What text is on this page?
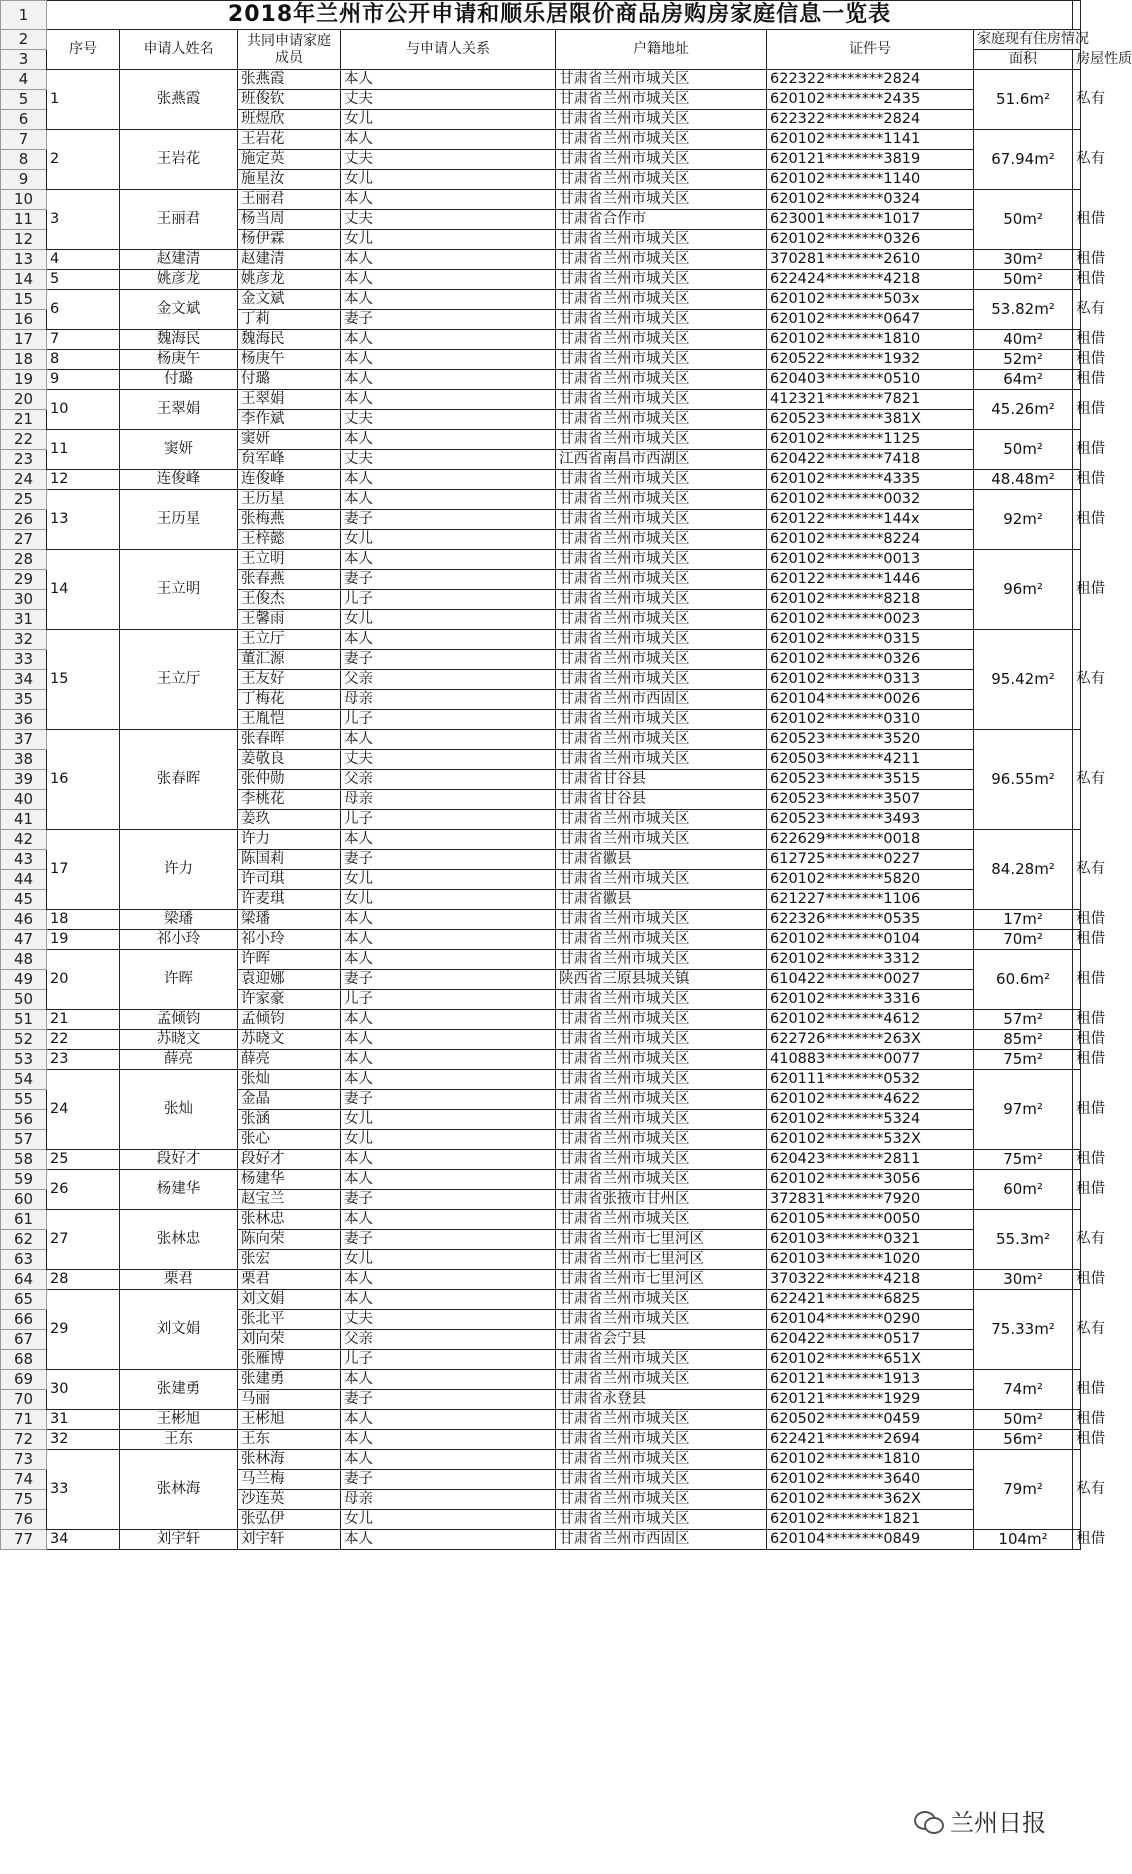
1	2018年兰州市公开申请和顺乐居限价商品房购房家庭信息一览表								
2	序号	申请人姓名	共同申请家庭成员	与申请人关系	户籍地址	证件号	家庭现有住房情况		
3							面积	房屋性质	
4	1	张燕霞	张燕霞	本人	甘肃省兰州市城关区	622322********2824	51.6m²	私有	
5			班俊钦	丈夫	甘肃省兰州市城关区	620102********2435			
6			班煜欣	女儿	甘肃省兰州市城关区	622322********2824			
7	2	王岩花	王岩花	本人	甘肃省兰州市城关区	620102********1141	67.94m²	私有	
8			施定英	丈夫	甘肃省兰州市城关区	620121********3819			
9			施星汝	女儿	甘肃省兰州市城关区	620102********1140			
10	3	王丽君	王丽君	本人	甘肃省兰州市城关区	620102********0324	50m²	租借	
11			杨当周	丈夫	甘肃省合作市	623001********1017			
12			杨伊霖	女儿	甘肃省兰州市城关区	620102********0326			
13	4	赵建清	赵建清	本人	甘肃省兰州市城关区	370281********2610	30m²	租借	
14	5	姚彦龙	姚彦龙	本人	甘肃省兰州市城关区	622424********4218	50m²	租借	
15	6	金文斌	金文斌	本人	甘肃省兰州市城关区	620102********503x	53.82m²	私有	
16			丁莉	妻子	甘肃省兰州市城关区	620102********0647			
17	7	魏海民	魏海民	本人	甘肃省兰州市城关区	620102********1810	40m²	租借	
18	8	杨庚午	杨庚午	本人	甘肃省兰州市城关区	620522********1932	52m²	租借	
19	9	付璐	付璐	本人	甘肃省兰州市城关区	620403********0510	64m²	租借	
20	10	王翠娟	王翠娟	本人	甘肃省兰州市城关区	412321********7821	45.26m²	租借	
21			李作斌	丈夫	甘肃省兰州市城关区	620523********381X			
22	11	窦妍	窦妍	本人	甘肃省兰州市城关区	620102********1125	50m²	租借	
23			贠军峰	丈夫	江西省南昌市西湖区	620422********7418			
24	12	连俊峰	连俊峰	本人	甘肃省兰州市城关区	620102********4335	48.48m²	租借	
25	13	王历星	王历星	本人	甘肃省兰州市城关区	620102********0032	92m²	租借	
26			张梅燕	妻子	甘肃省兰州市城关区	620122********144x			
27			王梓懿	女儿	甘肃省兰州市城关区	620102********8224			
28	14	王立明	王立明	本人	甘肃省兰州市城关区	620102********0013	96m²	租借	
29			张春燕	妻子	甘肃省兰州市城关区	620122********1446			
30			王俊杰	儿子	甘肃省兰州市城关区	620102********8218			
31			王馨雨	女儿	甘肃省兰州市城关区	620102********0023			
32	15	王立厅	王立厅	本人	甘肃省兰州市城关区	620102********0315	95.42m²	私有	
33			董汇源	妻子	甘肃省兰州市城关区	620102********0326			
34			王友好	父亲	甘肃省兰州市城关区	620102********0313			
35			丁梅花	母亲	甘肃省兰州市西固区	620104********0026			
36			王胤恺	儿子	甘肃省兰州市城关区	620102********0310			
37	16	张春晖	张春晖	本人	甘肃省兰州市城关区	620523********3520	96.55m²	私有	
38			姜敬良	丈夫	甘肃省兰州市城关区	620503********4211			
39			张仲勋	父亲	甘肃省甘谷县	620523********3515			
40			李桃花	母亲	甘肃省甘谷县	620523********3507			
41			姜玖	儿子	甘肃省兰州市城关区	620523********3493			
42	17	许力	许力	本人	甘肃省兰州市城关区	622629********0018	84.28m²	私有	
43			陈国莉	妻子	甘肃省徽县	612725********0227			
44			许司琪	女儿	甘肃省兰州市城关区	620102********5820			
45			许麦琪	女儿	甘肃省徽县	621227********1106			
46	18	梁璠	梁璠	本人	甘肃省兰州市城关区	622326********0535	17m²	租借	
47	19	祁小玲	祁小玲	本人	甘肃省兰州市城关区	620102********0104	70m²	租借	
48	20	许晖	许晖	本人	甘肃省兰州市城关区	620102********3312	60.6m²	租借	
49			袁迎娜	妻子	陕西省三原县城关镇	610422********0027			
50			许家豪	儿子	甘肃省兰州市城关区	620102********3316			
51	21	孟倾钧	孟倾钧	本人	甘肃省兰州市城关区	620102********4612	57m²	租借	
52	22	苏晓文	苏晓文	本人	甘肃省兰州市城关区	622726********263X	85m²	租借	
53	23	薛亮	薛亮	本人	甘肃省兰州市城关区	410883********0077	75m²	租借	
54	24	张灿	张灿	本人	甘肃省兰州市城关区	620111********0532	97m²	租借	
55			金晶	妻子	甘肃省兰州市城关区	620102********4622			
56			张涵	女儿	甘肃省兰州市城关区	620102********5324			
57			张心	女儿	甘肃省兰州市城关区	620102********532X			
58	25	段好才	段好才	本人	甘肃省兰州市城关区	620423********2811	75m²	租借	
59	26	杨建华	杨建华	本人	甘肃省兰州市城关区	620102********3056	60m²	租借	
60			赵宝兰	妻子	甘肃省张掖市甘州区	372831********7920			
61	27	张林忠	张林忠	本人	甘肃省兰州市城关区	620105********0050	55.3m²	私有	
62			陈向荣	妻子	甘肃省兰州市七里河区	620103********0321			
63			张宏	女儿	甘肃省兰州市七里河区	620103********1020			
64	28	栗君	栗君	本人	甘肃省兰州市七里河区	370322********4218	30m²	租借	
65	29	刘文娟	刘文娟	本人	甘肃省兰州市城关区	622421********6825	75.33m²	私有	
66			张北平	丈夫	甘肃省兰州市城关区	620104********0290			
67			刘向荣	父亲	甘肃省会宁县	620422********0517			
68			张雁博	儿子	甘肃省兰州市城关区	620102********651X			
69	30	张建勇	张建勇	本人	甘肃省兰州市城关区	620121********1913	74m²	租借	
70			马丽	妻子	甘肃省永登县	620121********1929			
71	31	王彬旭	王彬旭	本人	甘肃省兰州市城关区	620502********0459	50m²	租借	
72	32	王东	王东	本人	甘肃省兰州市城关区	622421********2694	56m²	租借	
73	33	张林海	张林海	本人	甘肃省兰州市城关区	620102********1810	79m²	私有	
74			马兰梅	妻子	甘肃省兰州市城关区	620102********3640			
75			沙连英	母亲	甘肃省兰州市城关区	620102********362X			
76			张弘伊	女儿	甘肃省兰州市城关区	620102********1821			
77	34	刘宇轩	刘宇轩	本人	甘肃省兰州市西固区	620104********0849	104m²	租借	
兰州日报
